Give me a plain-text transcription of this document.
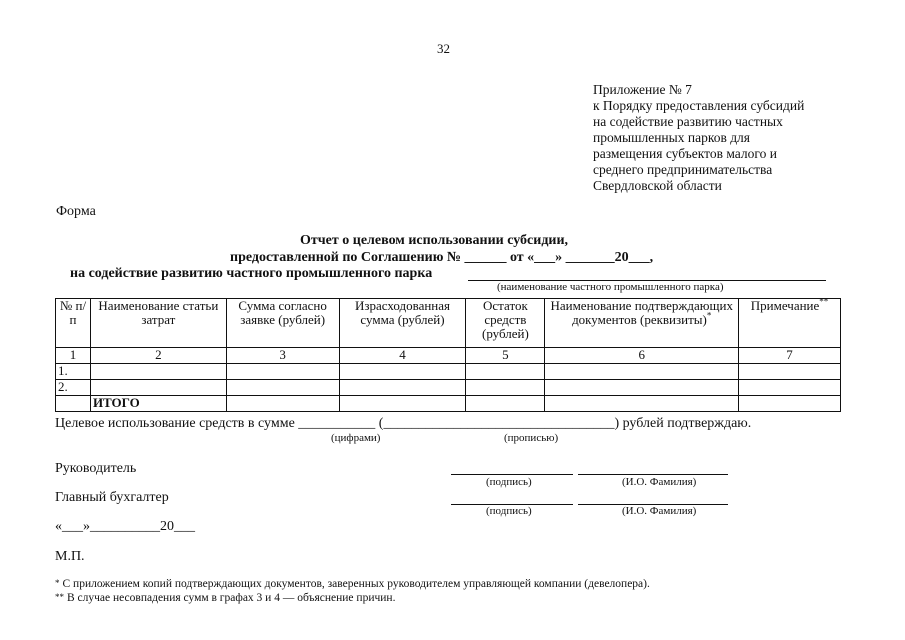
32
Приложение № 7
к Порядку предоставления субсидий
на содействие развитию частных
промышленных парков для
размещения субъектов малого и
среднего предпринимательства
Свердловской области
Форма
Отчет о целевом использовании субсидии,
предоставленной по Соглашению № ______ от «___» _______20___,
на содействие развитию частного промышленного парка
(наименование частного промышленного парка)
№ п/п	Наименование статьи затрат	Сумма согласно заявке (рублей)	Израсходованная сумма (рублей)	Остаток средств (рублей)	Наименование подтверждающих документов (реквизиты)*	Примечание**
1	2	3	4	5	6	7
1.						
2.						
	ИТОГО					
Целевое использование средств в сумме ___________ (_________________________________) рублей подтверждаю.
(цифрами)	(прописью)
Руководитель
(подпись)	(И.О. Фамилия)
Главный бухгалтер
(подпись)	(И.О. Фамилия)
«___»__________20___
М.П.
* С приложением копий подтверждающих документов, заверенных руководителем управляющей компании (девелопера).
** В случае несовпадения сумм в графах 3 и 4 — объяснение причин.
